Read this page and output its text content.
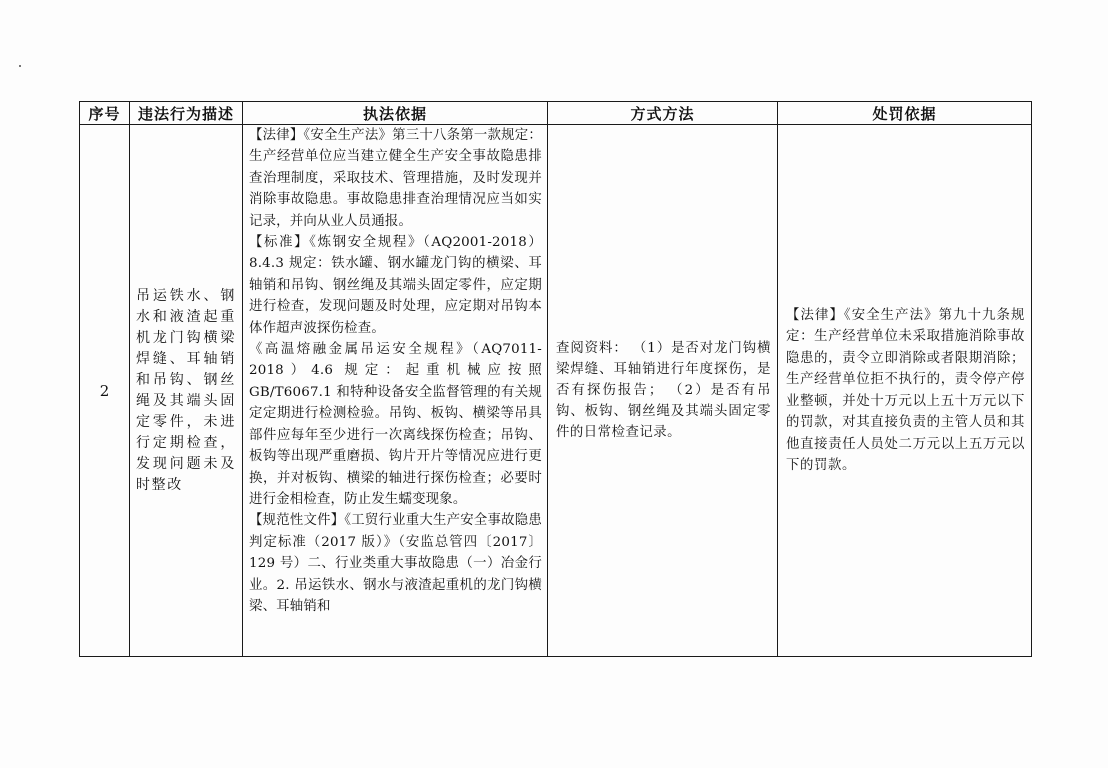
序号	违法行为描述	执法依据	方式方法	处罚依据
2	吊运铁水、钢水和液渣起重机龙门钩横梁焊缝、耳轴销和吊钩、钢丝绳及其端头固定零件，未进行定期检查，发现问题未及时整改	【法律】《安全生产法》第三十八条第一款规定：生产经营单位应当建立健全生产安全事故隐患排查治理制度，采取技术、管理措施，及时发现并消除事故隐患。事故隐患排查治理情况应当如实记录，并向从业人员通报。
【标准】《炼钢安全规程》（AQ2001-2018）8.4.3 规定：铁水罐、钢水罐龙门钩的横梁、耳轴销和吊钩、钢丝绳及其端头固定零件，应定期进行检查，发现问题及时处理，应定期对吊钩本体作超声波探伤检查。
《高温熔融金属吊运安全规程》（AQ7011-2018）4.6 规定：起重机械应按照 GB/T6067.1 和特种设备安全监督管理的有关规定定期进行检测检验。吊钩、板钩、横梁等吊具部件应每年至少进行一次离线探伤检查；吊钩、板钩等出现严重磨损、钩片开片等情况应进行更换，并对板钩、横梁的轴进行探伤检查；必要时进行金相检查，防止发生蠕变现象。
【规范性文件】《工贸行业重大生产安全事故隐患判定标准（2017 版）》（安监总管四〔2017〕129 号）二、行业类重大事故隐患（一）冶金行业。2. 吊运铁水、钢水与液渣起重机的龙门钩横梁、耳轴销和	查阅资料： （1）是否对龙门钩横梁焊缝、耳轴销进行年度探伤，是否有探伤报告； （2）是否有吊钩、板钩、钢丝绳及其端头固定零件的日常检查记录。	【法律】《安全生产法》第九十九条规定：生产经营单位未采取措施消除事故隐患的，责令立即消除或者限期消除；生产经营单位拒不执行的，责令停产停业整顿，并处十万元以上五十万元以下的罚款，对其直接负责的主管人员和其他直接责任人员处二万元以上五万元以下的罚款。
